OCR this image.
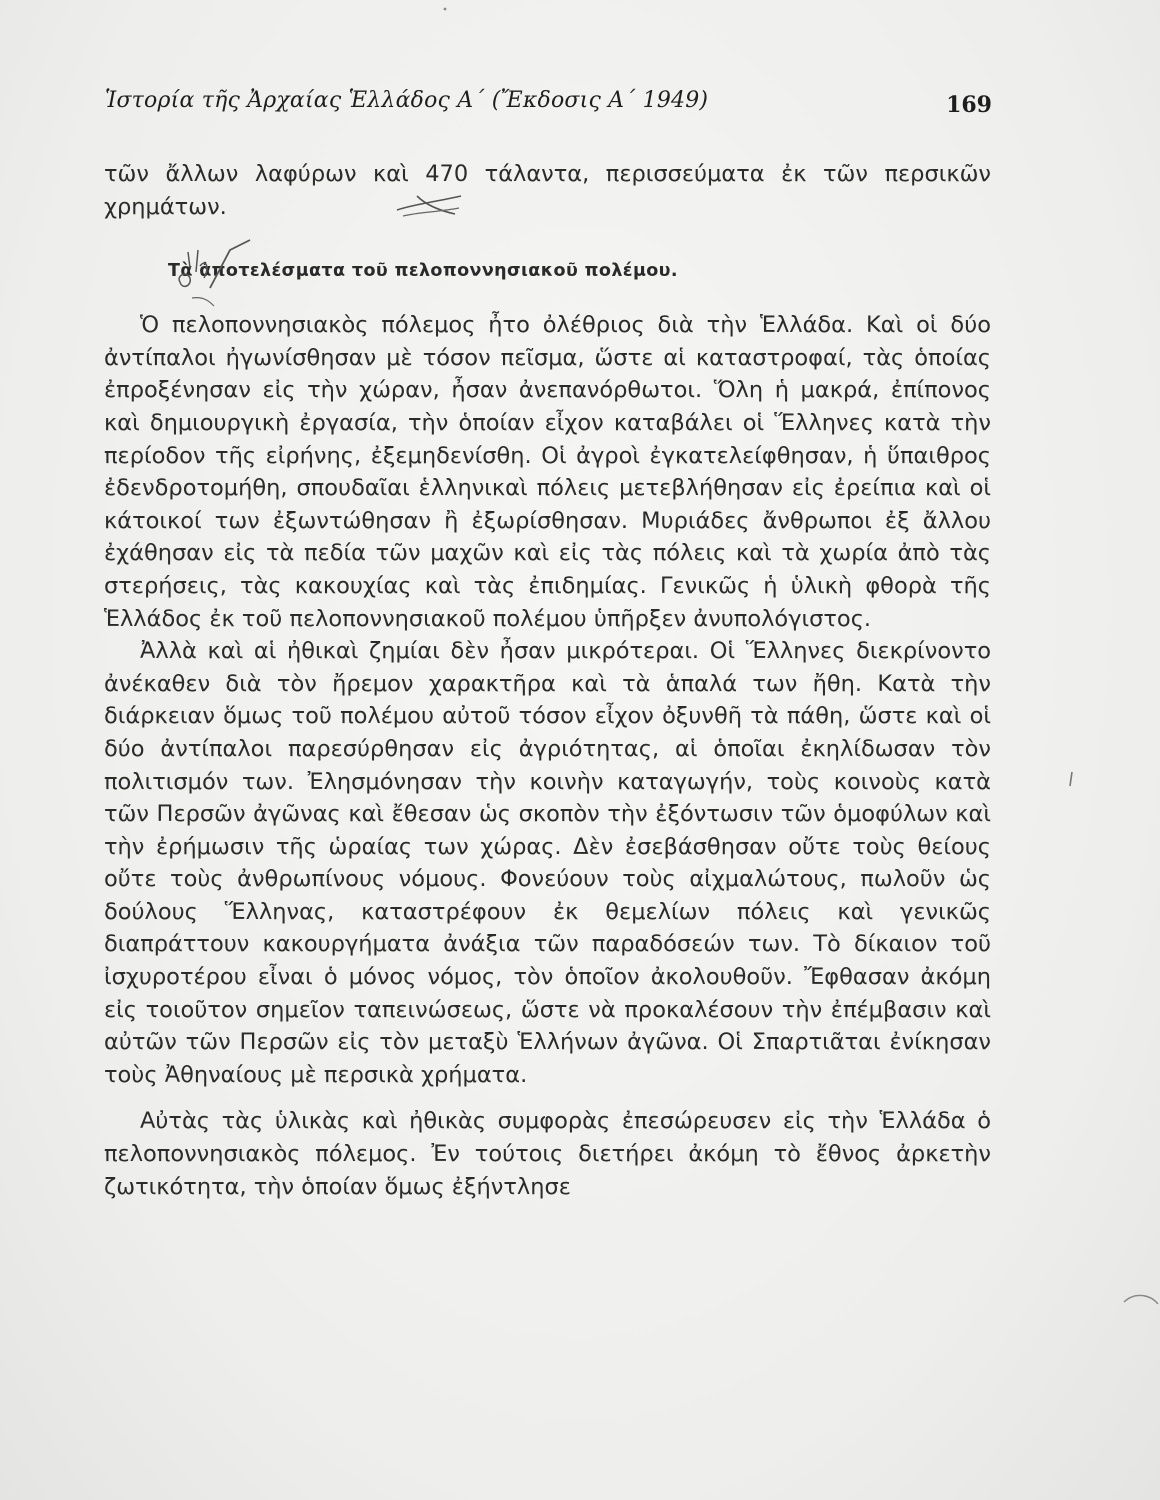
Ἱστορία τῆς Ἀρχαίας Ἑλλάδος Α΄ (Ἔκδοσις Α΄ 1949)	169

τῶν ἄλλων λαφύρων καὶ 470 τάλαντα, περισσεύματα ἐκ τῶν περσικῶν χρημάτων.

Τὰ ἀποτελέσματα τοῦ πελοποννησιακοῦ πολέμου.

Ὁ πελοποννησιακὸς πόλεμος ἦτο ὀλέθριος διὰ τὴν Ἑλλάδα. Καὶ οἱ δύο ἀντίπαλοι ἠγωνίσθησαν μὲ τόσον πεῖσμα, ὥστε αἱ καταστροφαί, τὰς ὁποίας ἐπροξένησαν εἰς τὴν χώραν, ἦσαν ἀνεπανόρθωτοι. Ὅλη ἡ μακρά, ἐπίπονος καὶ δημιουργικὴ ἐργασία, τὴν ὁποίαν εἶχον καταβάλει οἱ Ἕλληνες κατὰ τὴν περίοδον τῆς εἰρήνης, ἐξεμηδενίσθη. Οἱ ἀγροὶ ἐγκατελείφθησαν, ἡ ὕπαιθρος ἐδενδροτομήθη, σπουδαῖαι ἑλληνικαὶ πόλεις μετεβλήθησαν εἰς ἐρείπια καὶ οἱ κάτοικοί των ἐξωντώθησαν ἢ ἐξωρίσθησαν. Μυριάδες ἄνθρωποι ἐξ ἄλλου ἐχάθησαν εἰς τὰ πεδία τῶν μαχῶν καὶ εἰς τὰς πόλεις καὶ τὰ χωρία ἀπὸ τὰς στερήσεις, τὰς κακουχίας καὶ τὰς ἐπιδημίας. Γενικῶς ἡ ὑλικὴ φθορὰ τῆς Ἑλλάδος ἐκ τοῦ πελοποννησιακοῦ πολέμου ὑπῆρξεν ἀνυπολόγιστος.

Ἀλλὰ καὶ αἱ ἠθικαὶ ζημίαι δὲν ἦσαν μικρότεραι. Οἱ Ἕλληνες διεκρίνοντο ἀνέκαθεν διὰ τὸν ἤρεμον χαρακτῆρα καὶ τὰ ἁπαλά των ἤθη. Κατὰ τὴν διάρκειαν ὅμως τοῦ πολέμου αὐτοῦ τόσον εἶχον ὀξυνθῆ τὰ πάθη, ὥστε καὶ οἱ δύο ἀντίπαλοι παρεσύρθησαν εἰς ἀγριότητας, αἱ ὁποῖαι ἐκηλίδωσαν τὸν πολιτισμόν των. Ἐλησμόνησαν τὴν κοινὴν καταγωγήν, τοὺς κοινοὺς κατὰ τῶν Περσῶν ἀγῶνας καὶ ἔθεσαν ὡς σκοπὸν τὴν ἐξόντωσιν τῶν ὁμοφύλων καὶ τὴν ἐρήμωσιν τῆς ὡραίας των χώρας. Δὲν ἐσεβάσθησαν οὔτε τοὺς θείους οὔτε τοὺς ἀνθρωπίνους νόμους. Φονεύουν τοὺς αἰχμαλώτους, πωλοῦν ὡς δούλους Ἕλληνας, καταστρέφουν ἐκ θεμελίων πόλεις καὶ γενικῶς διαπράττουν κακουργήματα ἀνάξια τῶν παραδόσεών των. Τὸ δίκαιον τοῦ ἰσχυροτέρου εἶναι ὁ μόνος νόμος, τὸν ὁποῖον ἀκολουθοῦν. Ἔφθασαν ἀκόμη εἰς τοιοῦτον σημεῖον ταπεινώσεως, ὥστε νὰ προκαλέσουν τὴν ἐπέμβασιν καὶ αὐτῶν τῶν Περσῶν εἰς τὸν μεταξὺ Ἑλλήνων ἀγῶνα. Οἱ Σπαρτιᾶται ἐνίκησαν τοὺς Ἀθηναίους μὲ περσικὰ χρήματα.

Αὐτὰς τὰς ὑλικὰς καὶ ἠθικὰς συμφορὰς ἐπεσώρευσεν εἰς τὴν Ἑλλάδα ὁ πελοποννησιακὸς πόλεμος. Ἐν τούτοις διετήρει ἀκόμη τὸ ἔθνος ἀρκετὴν ζωτικότητα, τὴν ὁποίαν ὅμως ἐξήντλησε
